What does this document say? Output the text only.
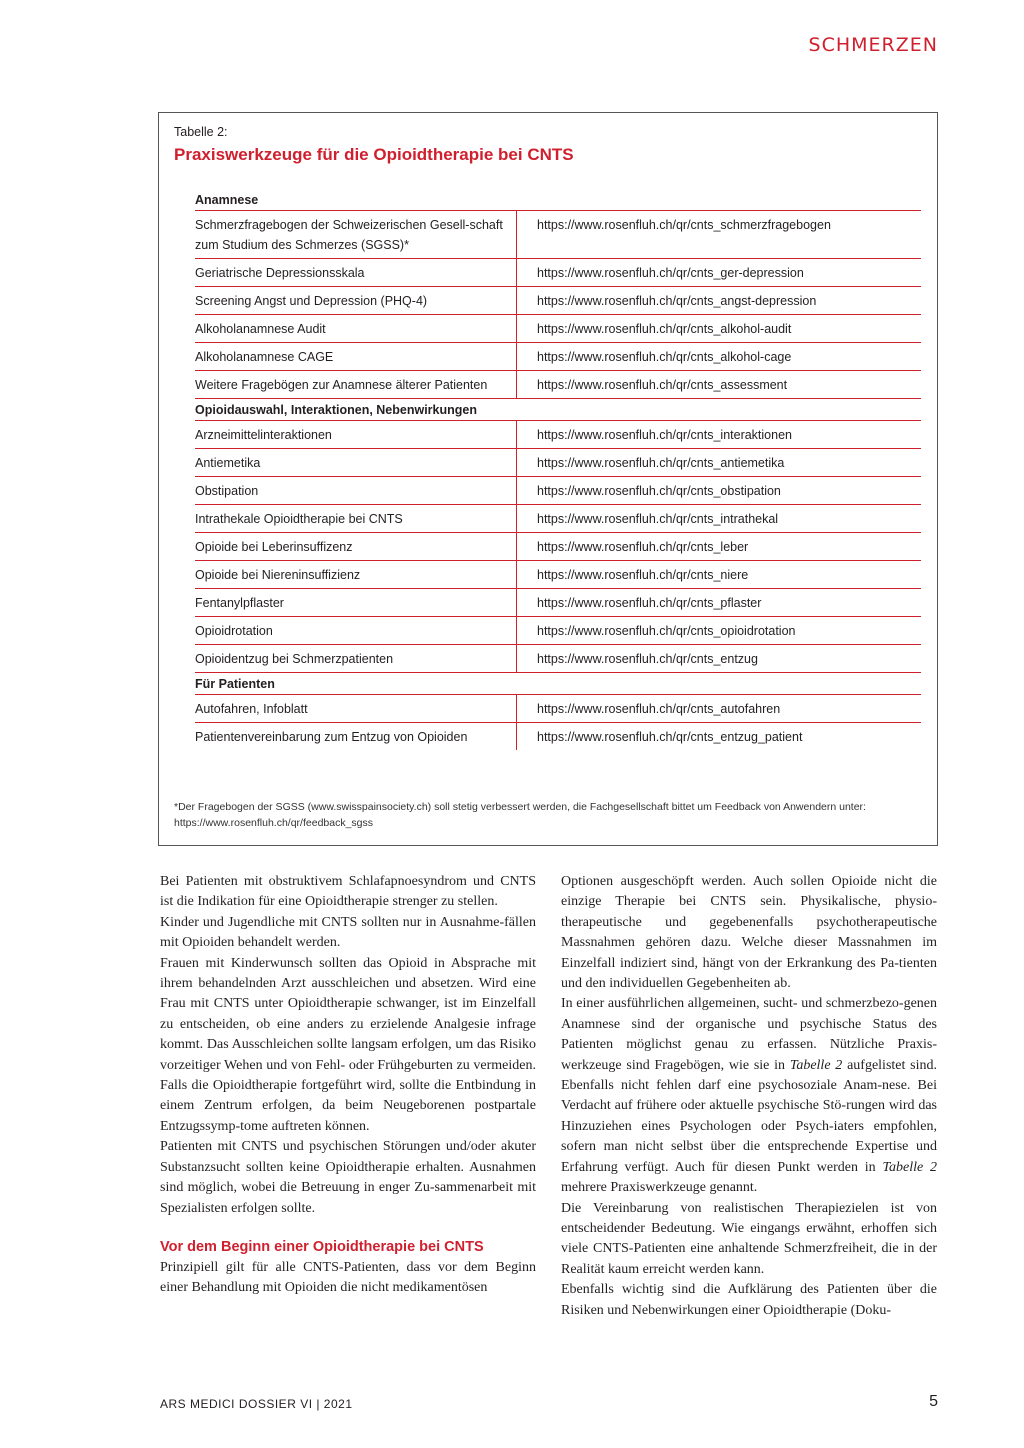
SCHMERZEN
Tabelle 2:
Praxiswerkzeuge für die Opioidtherapie bei CNTS
Anamnese
Schmerzfragebogen der Schweizerischen Gesell-schaft zum Studium des Schmerzes (SGSS)*
https://www.rosenfluh.ch/qr/cnts_schmerzfragebogen
Geriatrische Depressionsskala	https://www.rosenfluh.ch/qr/cnts_ger-depression
Screening Angst und Depression (PHQ-4)	https://www.rosenfluh.ch/qr/cnts_angst-depression
Alkoholanamnese Audit	https://www.rosenfluh.ch/qr/cnts_alkohol-audit
Alkoholanamnese CAGE	https://www.rosenfluh.ch/qr/cnts_alkohol-cage
Weitere Fragebögen zur Anamnese älterer Patienten	https://www.rosenfluh.ch/qr/cnts_assessment
Opioidauswahl, Interaktionen, Nebenwirkungen
Arzneimittelinteraktionen	https://www.rosenfluh.ch/qr/cnts_interaktionen
Antiemetika	https://www.rosenfluh.ch/qr/cnts_antiemetika
Obstipation	https://www.rosenfluh.ch/qr/cnts_obstipation
Intrathekale Opioidtherapie bei CNTS	https://www.rosenfluh.ch/qr/cnts_intrathekal
Opioide bei Leberinsuffizenz	https://www.rosenfluh.ch/qr/cnts_leber
Opioide bei Niereninsuffizienz	https://www.rosenfluh.ch/qr/cnts_niere
Fentanylpflaster	https://www.rosenfluh.ch/qr/cnts_pflaster
Opioidrotation	https://www.rosenfluh.ch/qr/cnts_opioidrotation
Opioidentzug bei Schmerzpatienten	https://www.rosenfluh.ch/qr/cnts_entzug
Für Patienten
Autofahren, Infoblatt	https://www.rosenfluh.ch/qr/cnts_autofahren
Patientenvereinbarung zum Entzug von Opioiden	https://www.rosenfluh.ch/qr/cnts_entzug_patient
*Der Fragebogen der SGSS (www.swisspainsociety.ch) soll stetig verbessert werden, die Fachgesellschaft bittet um Feedback von Anwendern unter: https://www.rosenfluh.ch/qr/feedback_sgss

Bei Patienten mit obstruktivem Schlafapnoesyndrom und CNTS ist die Indikation für eine Opioidtherapie strenger zu stellen.

Kinder und Jugendliche mit CNTS sollten nur in Ausnahme-fällen mit Opioiden behandelt werden.

Frauen mit Kinderwunsch sollten das Opioid in Absprache mit ihrem behandelnden Arzt ausschleichen und absetzen. Wird eine Frau mit CNTS unter Opioidtherapie schwanger, ist im Einzelfall zu entscheiden, ob eine anders zu erzielende Analgesie infrage kommt. Das Ausschleichen sollte langsam erfolgen, um das Risiko vorzeitiger Wehen und von Fehl- oder Frühgeburten zu vermeiden. Falls die Opioidtherapie fortgeführt wird, sollte die Entbindung in einem Zentrum erfolgen, da beim Neugeborenen postpartale Entzugssymp-tome auftreten können.

Patienten mit CNTS und psychischen Störungen und/oder akuter Substanzsucht sollten keine Opioidtherapie erhalten. Ausnahmen sind möglich, wobei die Betreuung in enger Zu-sammenarbeit mit Spezialisten erfolgen sollte.

Vor dem Beginn einer Opioidtherapie bei CNTS

Prinzipiell gilt für alle CNTS-Patienten, dass vor dem Beginn einer Behandlung mit Opioiden die nicht medikamentösen

Optionen ausgeschöpft werden. Auch sollen Opioide nicht die einzige Therapie bei CNTS sein. Physikalische, physio-therapeutische und gegebenenfalls psychotherapeutische Massnahmen gehören dazu. Welche dieser Massnahmen im Einzelfall indiziert sind, hängt von der Erkrankung des Pa-tienten und den individuellen Gegebenheiten ab.

In einer ausführlichen allgemeinen, sucht- und schmerzbezo-genen Anamnese sind der organische und psychische Status des Patienten möglichst genau zu erfassen. Nützliche Praxis-werkzeuge sind Fragebögen, wie sie in Tabelle 2 aufgelistet sind. Ebenfalls nicht fehlen darf eine psychosoziale Anam-nese. Bei Verdacht auf frühere oder aktuelle psychische Stö-rungen wird das Hinzuziehen eines Psychologen oder Psych-iaters empfohlen, sofern man nicht selbst über die entsprechende Expertise und Erfahrung verfügt. Auch für diesen Punkt werden in Tabelle 2 mehrere Praxiswerkzeuge genannt.

Die Vereinbarung von realistischen Therapiezielen ist von entscheidender Bedeutung. Wie eingangs erwähnt, erhoffen sich viele CNTS-Patienten eine anhaltende Schmerzfreiheit, die in der Realität kaum erreicht werden kann.

Ebenfalls wichtig sind die Aufklärung des Patienten über die Risiken und Nebenwirkungen einer Opioidtherapie (Doku-

ARS MEDICI DOSSIER VI | 2021	5
